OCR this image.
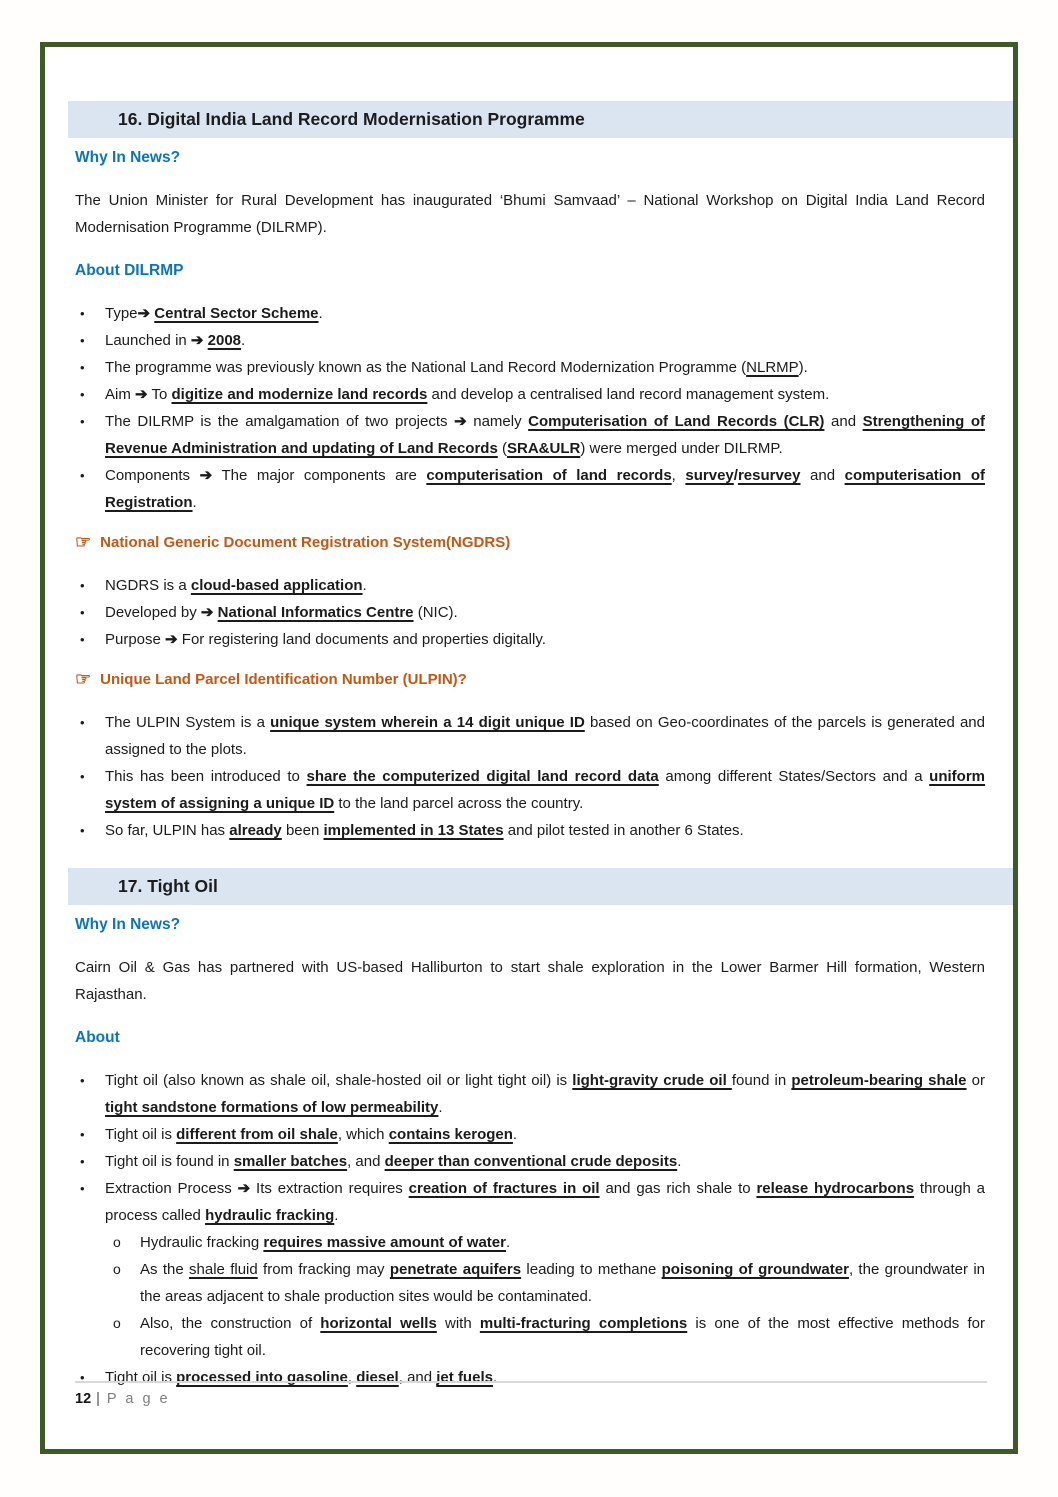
16. Digital India Land Record Modernisation Programme
Why In News?
The Union Minister for Rural Development has inaugurated ‘Bhumi Samvaad’ – National Workshop on Digital India Land Record Modernisation Programme (DILRMP).
About DILRMP
•	Type➔ Central Sector Scheme.
•	Launched in ➔ 2008.
•	The programme was previously known as the National Land Record Modernization Programme (NLRMP).
•	Aim ➔ To digitize and modernize land records and develop a centralised land record management system.
•	The DILRMP is the amalgamation of two projects ➔ namely Computerisation of Land Records (CLR) and Strengthening of Revenue Administration and updating of Land Records (SRA&ULR) were merged under DILRMP.
•	Components ➔ The major components are computerisation of land records, survey/resurvey and computerisation of Registration.
☞ National Generic Document Registration System(NGDRS)
•	NGDRS is a cloud-based application.
•	Developed by ➔ National Informatics Centre (NIC).
•	Purpose ➔ For registering land documents and properties digitally.
☞ Unique Land Parcel Identification Number (ULPIN)?
•	The ULPIN System is a unique system wherein a 14 digit unique ID based on Geo-coordinates of the parcels is generated and assigned to the plots.
•	This has been introduced to share the computerized digital land record data among different States/Sectors and a uniform system of assigning a unique ID to the land parcel across the country.
•	So far, ULPIN has already been implemented in 13 States and pilot tested in another 6 States.
17. Tight Oil
Why In News?
Cairn Oil & Gas has partnered with US-based Halliburton to start shale exploration in the Lower Barmer Hill formation, Western Rajasthan.
About
•	Tight oil (also known as shale oil, shale-hosted oil or light tight oil) is light-gravity crude oil found in petroleum-bearing shale or tight sandstone formations of low permeability.
•	Tight oil is different from oil shale, which contains kerogen.
•	Tight oil is found in smaller batches, and deeper than conventional crude deposits.
•	Extraction Process ➔ Its extraction requires creation of fractures in oil and gas rich shale to release hydrocarbons through a process called hydraulic fracking.
o	Hydraulic fracking requires massive amount of water.
o	As the shale fluid from fracking may penetrate aquifers leading to methane poisoning of groundwater, the groundwater in the areas adjacent to shale production sites would be contaminated.
o	Also, the construction of horizontal wells with multi-fracturing completions is one of the most effective methods for recovering tight oil.
•	Tight oil is processed into gasoline, diesel, and jet fuels.
12 | P a g e
